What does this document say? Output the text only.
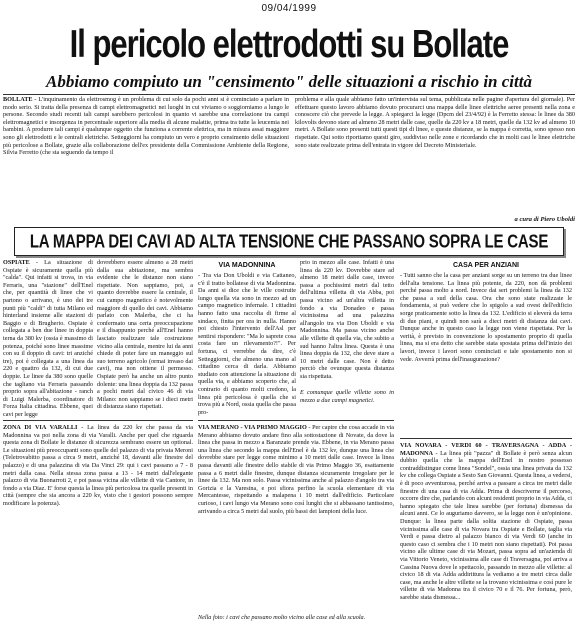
09/04/1999
Il pericolo elettrodotti su Bollate
Abbiamo compiuto un "censimento" delle situazioni a rischio in città
BOLLATE - L'inquinamento da elettrosmog è un problema di cui solo da pochi anni si è cominciato a parlare in modo serio. Si tratta della presenza di campi elettromagnetici nei luoghi in cui viviamo o soggiorniamo a lungo le persone. Secondo studi recenti tali campi sarebbero pericolosi in quanto vi sarebbe una correlazione tra campi elettromagnetici e insorgenza in percentuale superiore alla media di alcune malattie, prima tra tutte la leucemia nei bambini. A produrre tali campi è qualunque oggetto che funziona a corrente elettrica, ma in misura assai maggiore sono gli elettrodotti e le centrali elettriche. Setteggiorni ha compiuto un vero e proprio censimento delle situazioni più pericolose a Bollate, grazie alla collaborazione dell'ex presidente della Commissione Ambiente della Regione, Silvia Ferretto (che sta seguendo da tempo il
problema e alla quale abbiamo fatto un'intervista sul tema, pubblicata nelle pagine d'apertura del giornale). Per effettuare questo lavoro abbiamo dovuto procurarci una mappa delle linee elettriche aeree presenti nella zona e conoscere ciò che prevede la legge. A spiegarci la legge (Dpcm del 23/4/92) è la Ferretto stessa: le linee da 380 kilovolts devono stare ad almeno 28 metri dalle case, quelle da 220 kv a 18 metri, quelle da 132 kv ad almeno 10 metri. A Bollate sono presenti tutti questi tipi di linee, e queste distanze, se la mappa è corretta, sono spesso non rispettate. Qui sotto riportiamo questi giro, suddiviso nelle zone e ricordando che in molti casi le linee elettriche sono state realizzate prima dell'entrata in vigore del Decreto Ministeriale.
a cura di Piero Uboldi
LA MAPPA DEI CAVI AD ALTA TENSIONE CHE PASSANO SOPRA LE CASE
OSPIATE - La situazione di Ospiate è sicuramente quella più "calda". Qui infatti si trova, in via Ferraris, una "stazione" dell'Enel che, per quantità di linee che vi partono o arrivano, è uno dei tre punti più "caldi" di tutta Milano ed hinterland insieme alle stazioni di Baggio e di Brugherio. Ospiate è collegata a ben due linee in doppia terna da 380 kv (ossia è massimo di potenza, poiché sono linee massime con su il doppio di cavi: tri anziché tre), poi è collegata a una linea da 220 e quattro da 132, di cui due doppie. Le linee da 380 sono quelle che tagliano via Ferraris passando proprio sopra all'abitazione - ranch di Luigi Malerba, coordinatore di Forza Italia cittadina. Ebbene, quei cavi per legge
dovrebbero essere almeno a 28 metri dalla sua abitazione, ma sembra evidente che le distanze non siano rispettate. Non sappiamo, poi, a quanto dovrebbe essere la centrale, il cui campo magnetico è notevolmente maggiore di quello dei cavi. Abbiamo parlato con Malerba, che ci ha confermato una certa preoccupazione e il disappunto perché all'Enel hanno lasciato realizzare tale costruzione vicino alla centrale, mentre lui da anni chiede di poter fare un maneggio sul suo terreno agricolo (ormai invaso dai cavi), ma non ottiene il permesso. Ospiate però ha anche un altro punto dolente: una linea doppia da 132 passa a pochi metri dal civico 46 di via Milano: non sappiamo se i dieci metri di distanza siano rispettati.
VIA MADONNINA
- Tra via Don Uboldi e via Cattaneo, c'è il tratto bollatese di via Madonnina. Da anni si dice che le ville costruite lungo quella via sono in mezzo ad un campo magnetico infernale. I cittadini hanno fatto una raccolta di firme al sindaco, finita per ora in nulla. Hanno poi chiesto l'intervento dell'Asl per sentirsi rispondere: "Ma lo saprete cosa costa fare un rilevamento?!". Per fortuna, ci verrebbe da dire, c'è Setteggiorni, che almeno una mano al cittadino cerca di darla. Abbiamo studiato con attenzione la situazione di quella via, e abbiamo scoperto che, al contrario di quanto molti credono, la linea più pericolosa è quella che si trova più a Nord, ossia quella che passa pro-
prio in mezzo alle case. Infatti è una linea da 220 kv. Dovrebbe stare ad almeno 18 metri dalle case, invece passa a pochissimi metri dal tetto dell'ultima villetta di via Abba, poi passa vicino ad un'altra villetta in fondo a via Donadeo e passa vicinissima ad una palazzina all'angolo tra via Don Uboldi e via Madonnina. Ma passa vicino anche alle villette di quella via, che subito a sud hanno l'altra linea. Questa è una linea doppia da 132, che deve stare a 10 metri dalle case. Non è detto perciò che ovunque questa distanza sia rispettata.
E comunque quelle villette sono in mezzo a due campi magnetici.
CASA PER ANZIANI
- Tutti sanno che la casa per anziani sorge su un terreno tra due linee dell'alta tensione. La linea più potente, da 220, non dà problemi perché passa molto a nord. Invece dai seri problemi la linea da 132 che passa a sud della casa. Ora che sono state realizzate le fondamenta, si può vedere che lo spigolo a sud ovest dell'edificio sorge praticamente sotto la linea da 132. L'edificio si eleverà da terra di due piani, e quindi non sarà a dieci metri di distanza dai cavi. Dunque anche in questo caso la legge non viene rispettata. Per la verità, è previsto in convenzione lo spostamento proprio di quella linea, ma si era detto che sarebbe stata spostata prima dell'inizio dei lavori, invece i lavori sono cominciati e tale spostamento non si vede. Avverrà prima dell'inaugurazione?
ZONA DI VIA VARALLI - La linea da 220 kv che passa da via Madonnina va poi nella zona di via Varalli. Anche per quel che riguarda questa zona di Bollate le distanze di sicurezza sembrano essere un optional. Le situazioni più preoccupanti sono quelle del palazzo di via privata Meroni (Teletrovabitto passa a circa 9 metri, anziché 18, davanti alle finestre del palazzo) e di una palazzina di via Da Vinci 29: qui i cavi passano a 7 - 8 metri dalla casa. Nella stessa zona passa a 13 - 14 metri dall'elegante palazzo di via Buonarroti 2, e poi passa vicina alle villette di via Cantore, in fondo a via Diaz. E' forse questa la linea più pericolosa tra quelle presenti in città (sempre che sia ancora a 220 kv, visto che i gestori possono sempre modificare la potenza).
VIA MERANO - VIA PRIMO MAGGIO - Per capire che cosa accade in via Merano abbiamo dovuto andare fino alla sottostazione di Novate, da dove la linea che passa in mezzo a Baranzate prende via. Ebbene, in via Merano passa una linea che secondo la mappa dell'Enel è da 132 kv, dunque una linea che dovrebbe stare per legge come minimo a 10 metri dalle case. Invece la linea passa davanti alle finestre dello stabile di via Primo Maggio 36, esattamente passa a 6 metri dalle finestre, dunque distanza sicuramente irregolare per le linee da 132. Ma non solo. Passa vicinissima anche al palazzo d'angolo tra via Gorizia e la Varesina, e poi sfiora perfino la scuola elementare di via Mercantesse, rispettando a malapena i 10 metri dall'edificio. Particolare curioso, i cavi lungo via Merano sono così lunghi che si abbassano tantissimo, arrivando a circa 5 metri dal suolo, più bassi dei lampioni della luce.
Nella foto: i cavi che passano molto vicino alle case ed alla scuola.
VIA NOVARA - VERDI 60 - TRAVERSAGNA - ADDA - MADONNA - La linea più "pazza" di Bollate è però senza alcun dubbio quella che la mappa dell'Enel in nostro possesso contraddistingue come linea "Sondel", ossia una linea privata da 132 kv che collega Ospiate a Sesto San Giovanni. Questa linea, a vedersi, è di poco avventurosa, perché arriva a passare a circa tre metri dalle finestre di una casa di via Adda. Prima di descriverne il percorso, occorre dire che, parlando con alcuni residenti proprio in via Adda, ci hanno spiegato che tale linea sarebbe (per fortuna) dismessa da alcuni anni. Ce lo auguriamo davvero, se la legge non è un'opinione. Dunque: la linea parte dalla soltia stazione di Ospiate, passa vicinissima alle case di via Novara tra Ospiate e Bollate, taglia via Verdi e passa dietro al palazzo bianco di via Verdi 60 (anche in questo caso ci sembra che i 10 metri non siano rispettati). Poi passa vicino alle ultime case di via Mozart, passa sopra ad un'azienda di via Vittorio Veneto, vicinissima alle case di Traversagna, poi arriva a Cassina Nuova dove le spettacolo, passando in mezzo alle villette: al civico 18 di via Adda addirittura la vediamo a tre metri circa dalle case, ma anche le altre villette se la trovano vicinissima e così pure le villette di via Madonna tra il civico 70 e il 76. Per fortuna, però, sarebbe stata dismessa...
